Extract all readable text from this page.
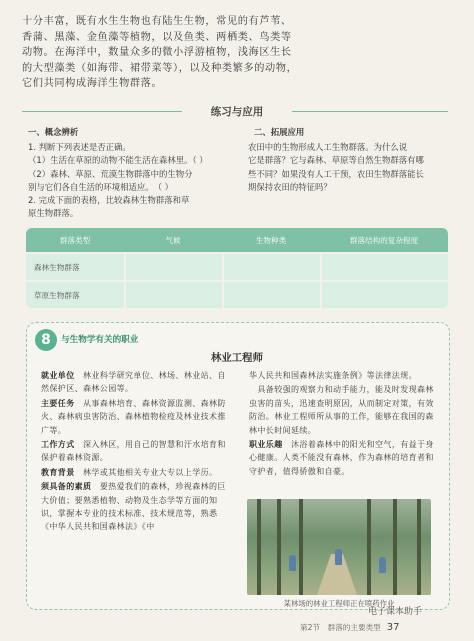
十分丰富，既有水生生物也有陆生生物，常见的有芦苇、

香蒲、黑藻、金鱼藻等植物，以及鱼类、两栖类、鸟类等

动物。在海洋中，数量众多的微小浮游植物，浅海区生长

的大型藻类（如海带、裙带菜等），以及种类繁多的动物，

它们共同构成海洋生物群落。

练习与应用

一、概念辨析

1. 判断下列表述是否正确。

（1）生活在草原的动物不能生活在森林里。（ ）

（2）森林、草原、荒漠生物群落中的生物分

别与它们各自生活的环境相适应。　（ ）

2. 完成下面的表格，比较森林生物群落和草

原生物群落。

二、拓展应用

农田中的生物形成人工生物群落。为什么说

它是群落？它与森林、草原等自然生物群落有哪

些不同？如果没有人工干预，农田生物群落能长

期保持农田的特征吗？

群落类型	气候	生物种类	群落结构的复杂程度
森林生物群落			
草原生物群落			
8	与生物学有关的职业
林业工程师

就业单位　 林业科学研究单位、林场、林业站、自然保护区、森林公园等。

主要任务　 从事森林培育、森林资源监测、森林防火、森林病虫害防治、森林植物检疫及林业技术推广等。

工作方式　 深入林区，用自己的智慧和汗水培育和保护着森林资源。

教育背景　 林学或其他相关专业大专以上学历。

须具备的素质　 要热爱我们的森林，珍视森林的巨大价值；要熟悉植物、动物及生态学等方面的知识，掌握本专业的技术标准、技术规范等，熟悉《中华人民共和国森林法》《中

华人民共和国森林法实施条例》等法律法规。

　具备较强的观察力和动手能力，能及时发现森林虫害的苗头，迅速查明原因，从而制定对策，有效防治。林业工程师所从事的工作，能够在我国的森林中长时间延续。

职业乐趣　 沐浴着森林中的阳光和空气，有益于身心健康。人类不能没有森林，作为森林的培育者和守护者，值得骄傲和自豪。

某林场的林业工程师正在喷药作业
电子课本助手
第2节　群落的主要类型 37
